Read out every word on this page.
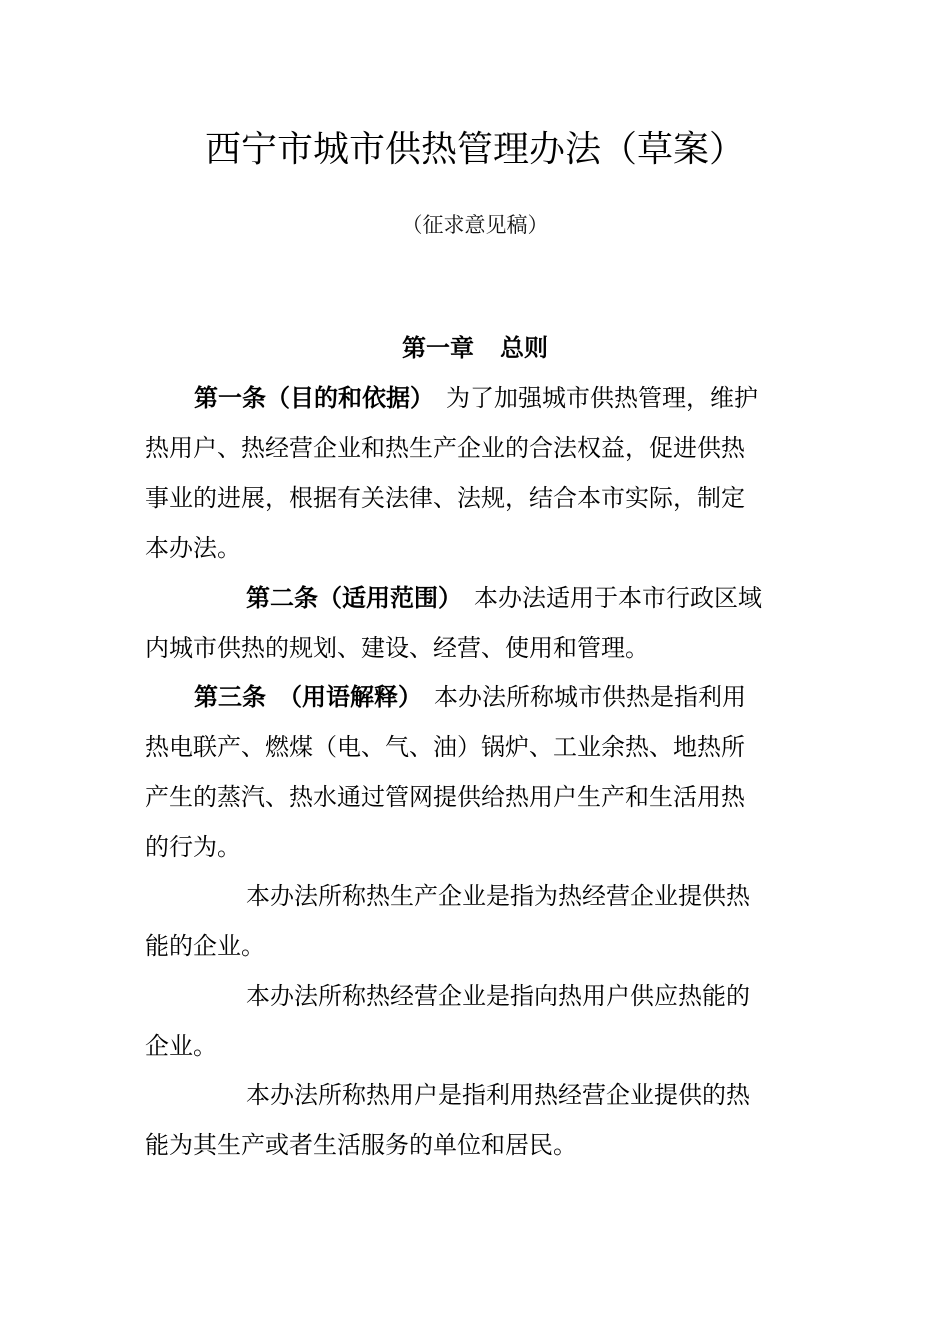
西宁市城市供热管理办法（草案）
（征求意见稿）
第一章 总则
第一条（目的和依据）　为了加强城市供热管理，维护
热用户、热经营企业和热生产企业的合法权益，促进供热
事业的进展，根据有关法律、法规，结合本市实际，制定
本办法。
第二条（适用范围）　本办法适用于本市行政区域
内城市供热的规划、建设、经营、使用和管理。
第三条　（用语解释）　本办法所称城市供热是指利用
热电联产、燃煤（电、气、油）锅炉、工业余热、地热所
产生的蒸汽、热水通过管网提供给热用户生产和生活用热
的行为。
本办法所称热生产企业是指为热经营企业提供热
能的企业。
本办法所称热经营企业是指向热用户供应热能的
企业。
本办法所称热用户是指利用热经营企业提供的热
能为其生产或者生活服务的单位和居民。
